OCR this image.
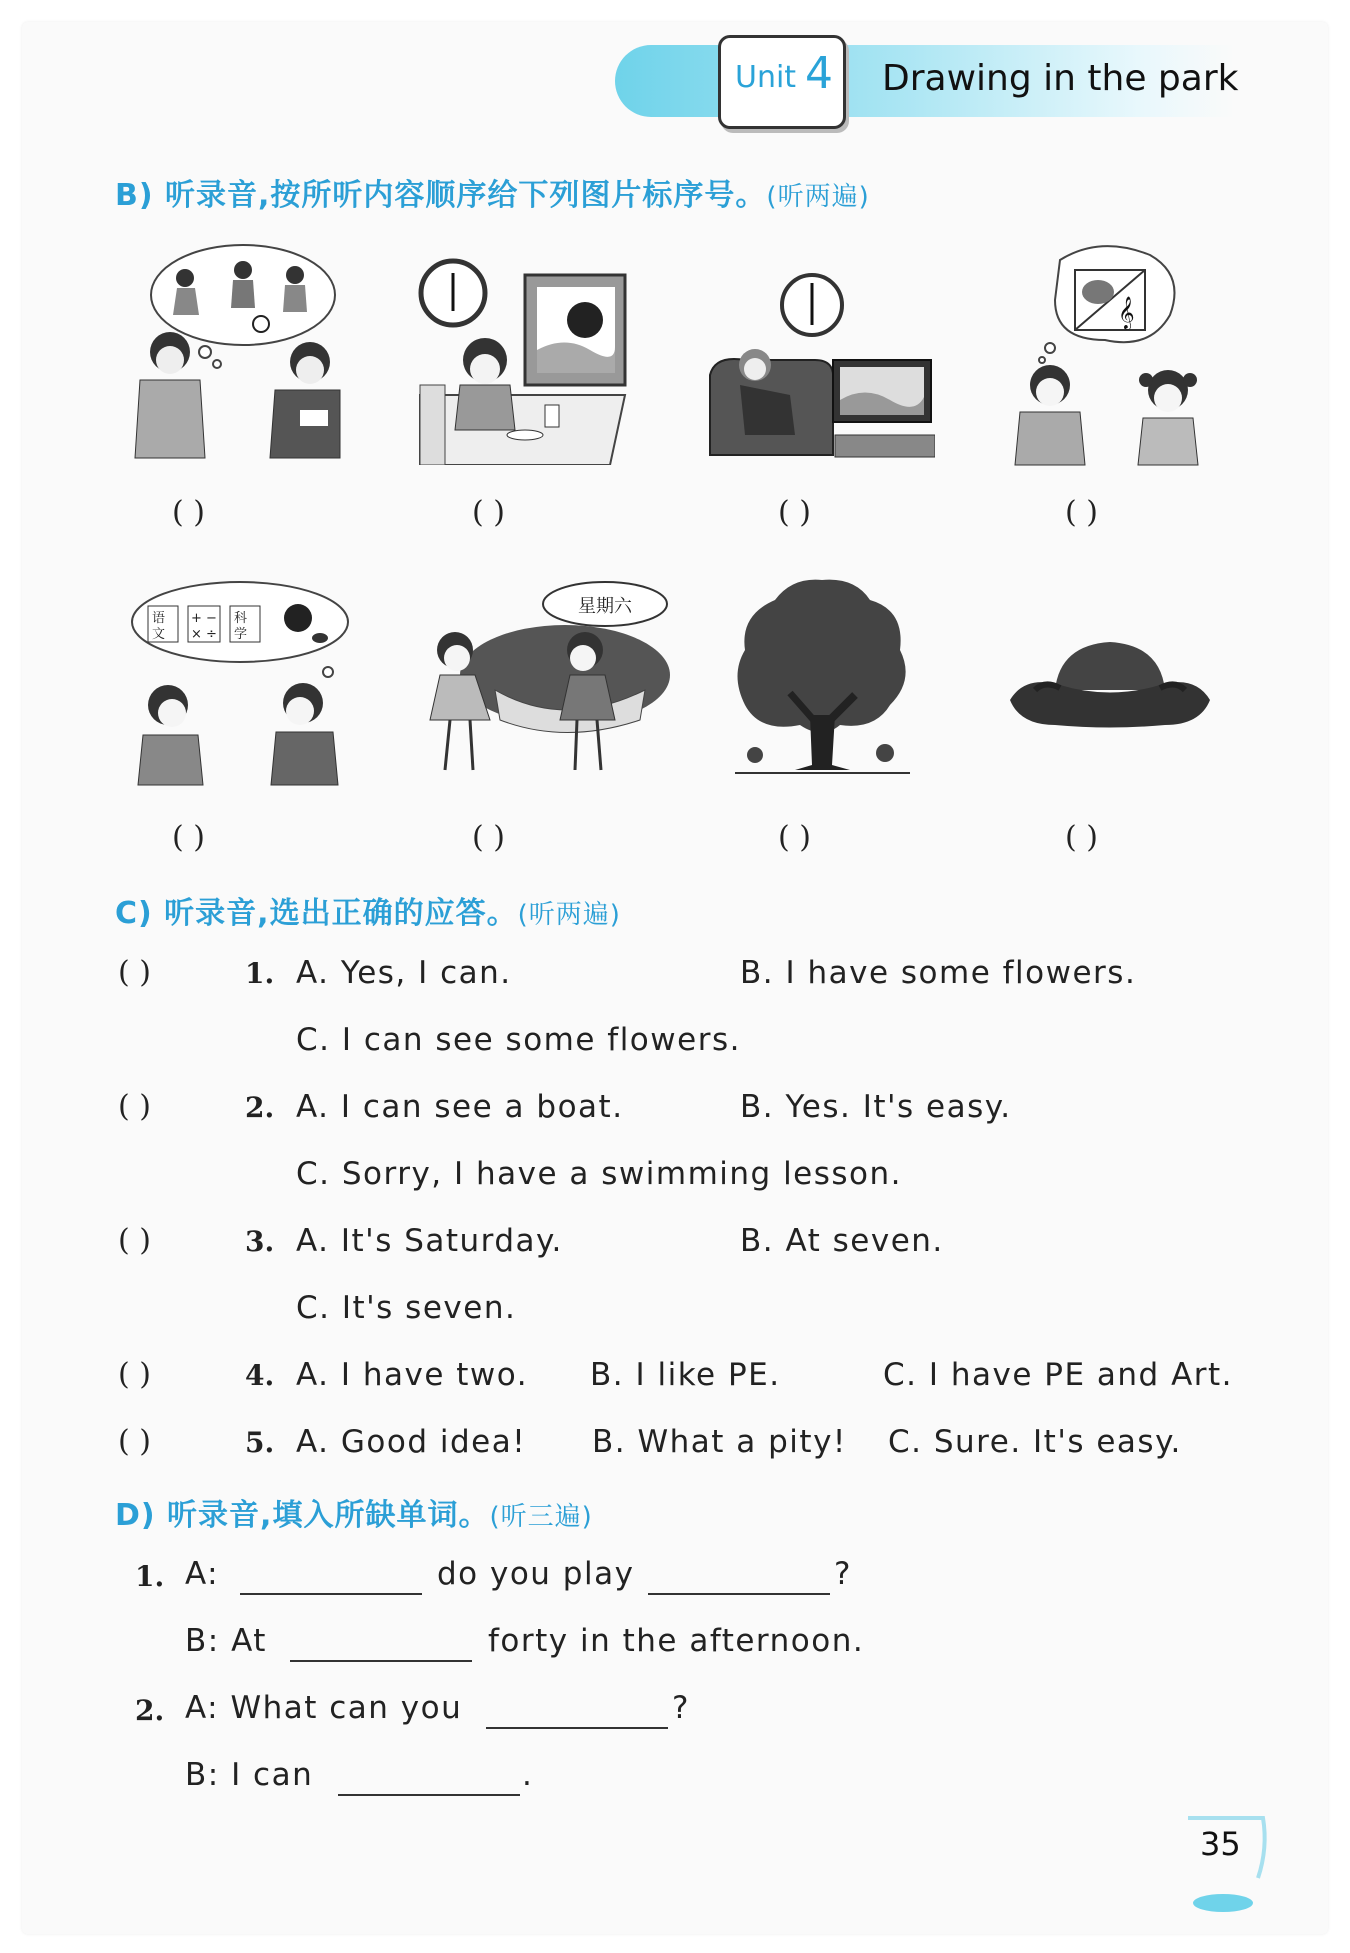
Unit 4 Drawing in the park
B) 听录音,按所听内容顺序给下列图片标序号。(听两遍)
𝄞
( )	( )	( )	( )
语
文
+ −
× ÷
科
学
星期六
( )	( )	( )	( )
C) 听录音,选出正确的应答。(听两遍)
( )	1. A. Yes, I can.	B. I have some flowers.
C. I can see some flowers.
( )	2. A. I can see a boat.	B. Yes. It's easy.
C. Sorry, I have a swimming lesson.
( )	3. A. It's Saturday.	B. At seven.
C. It's seven.
( )	4. A. I have two. B. I like PE.	C. I have PE and Art.
( )	5. A. Good idea! B. What a pity! C. Sure. It's easy.
D) 听录音,填入所缺单词。(听三遍)
1. A:	do you play	?
B: At	forty in the afternoon.
2. A: What can you	?
B: I can	.
35
